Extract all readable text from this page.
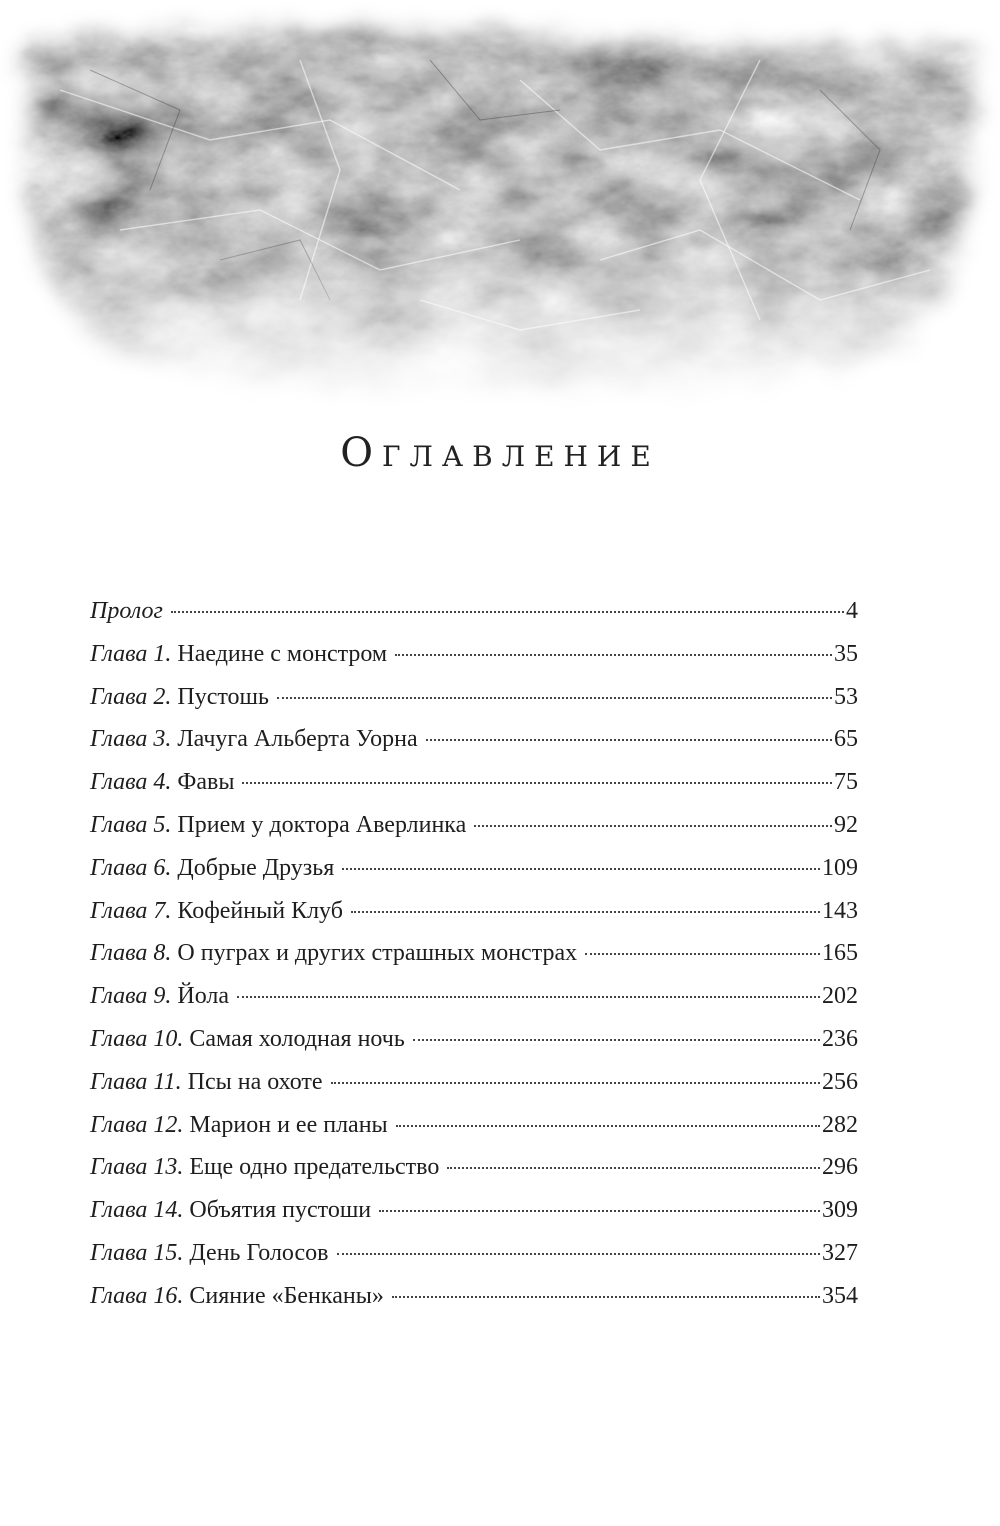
Оглавление
Пролог	4
Глава 1. Наедине с монстром	35
Глава 2. Пустошь	53
Глава 3. Лачуга Альберта Уорна	65
Глава 4. Фавы	75
Глава 5. Прием у доктора Аверлинка	92
Глава 6. Добрые Друзья	109
Глава 7. Кофейный Клуб	143
Глава 8. О пуграх и других страшных монстрах	165
Глава 9. Йола	202
Глава 10. Самая холодная ночь	236
Глава 11. Псы на охоте	256
Глава 12. Марион и ее планы	282
Глава 13. Еще одно предательство	296
Глава 14. Объятия пустоши	309
Глава 15. День Голосов	327
Глава 16. Сияние «Бенканы»	354
